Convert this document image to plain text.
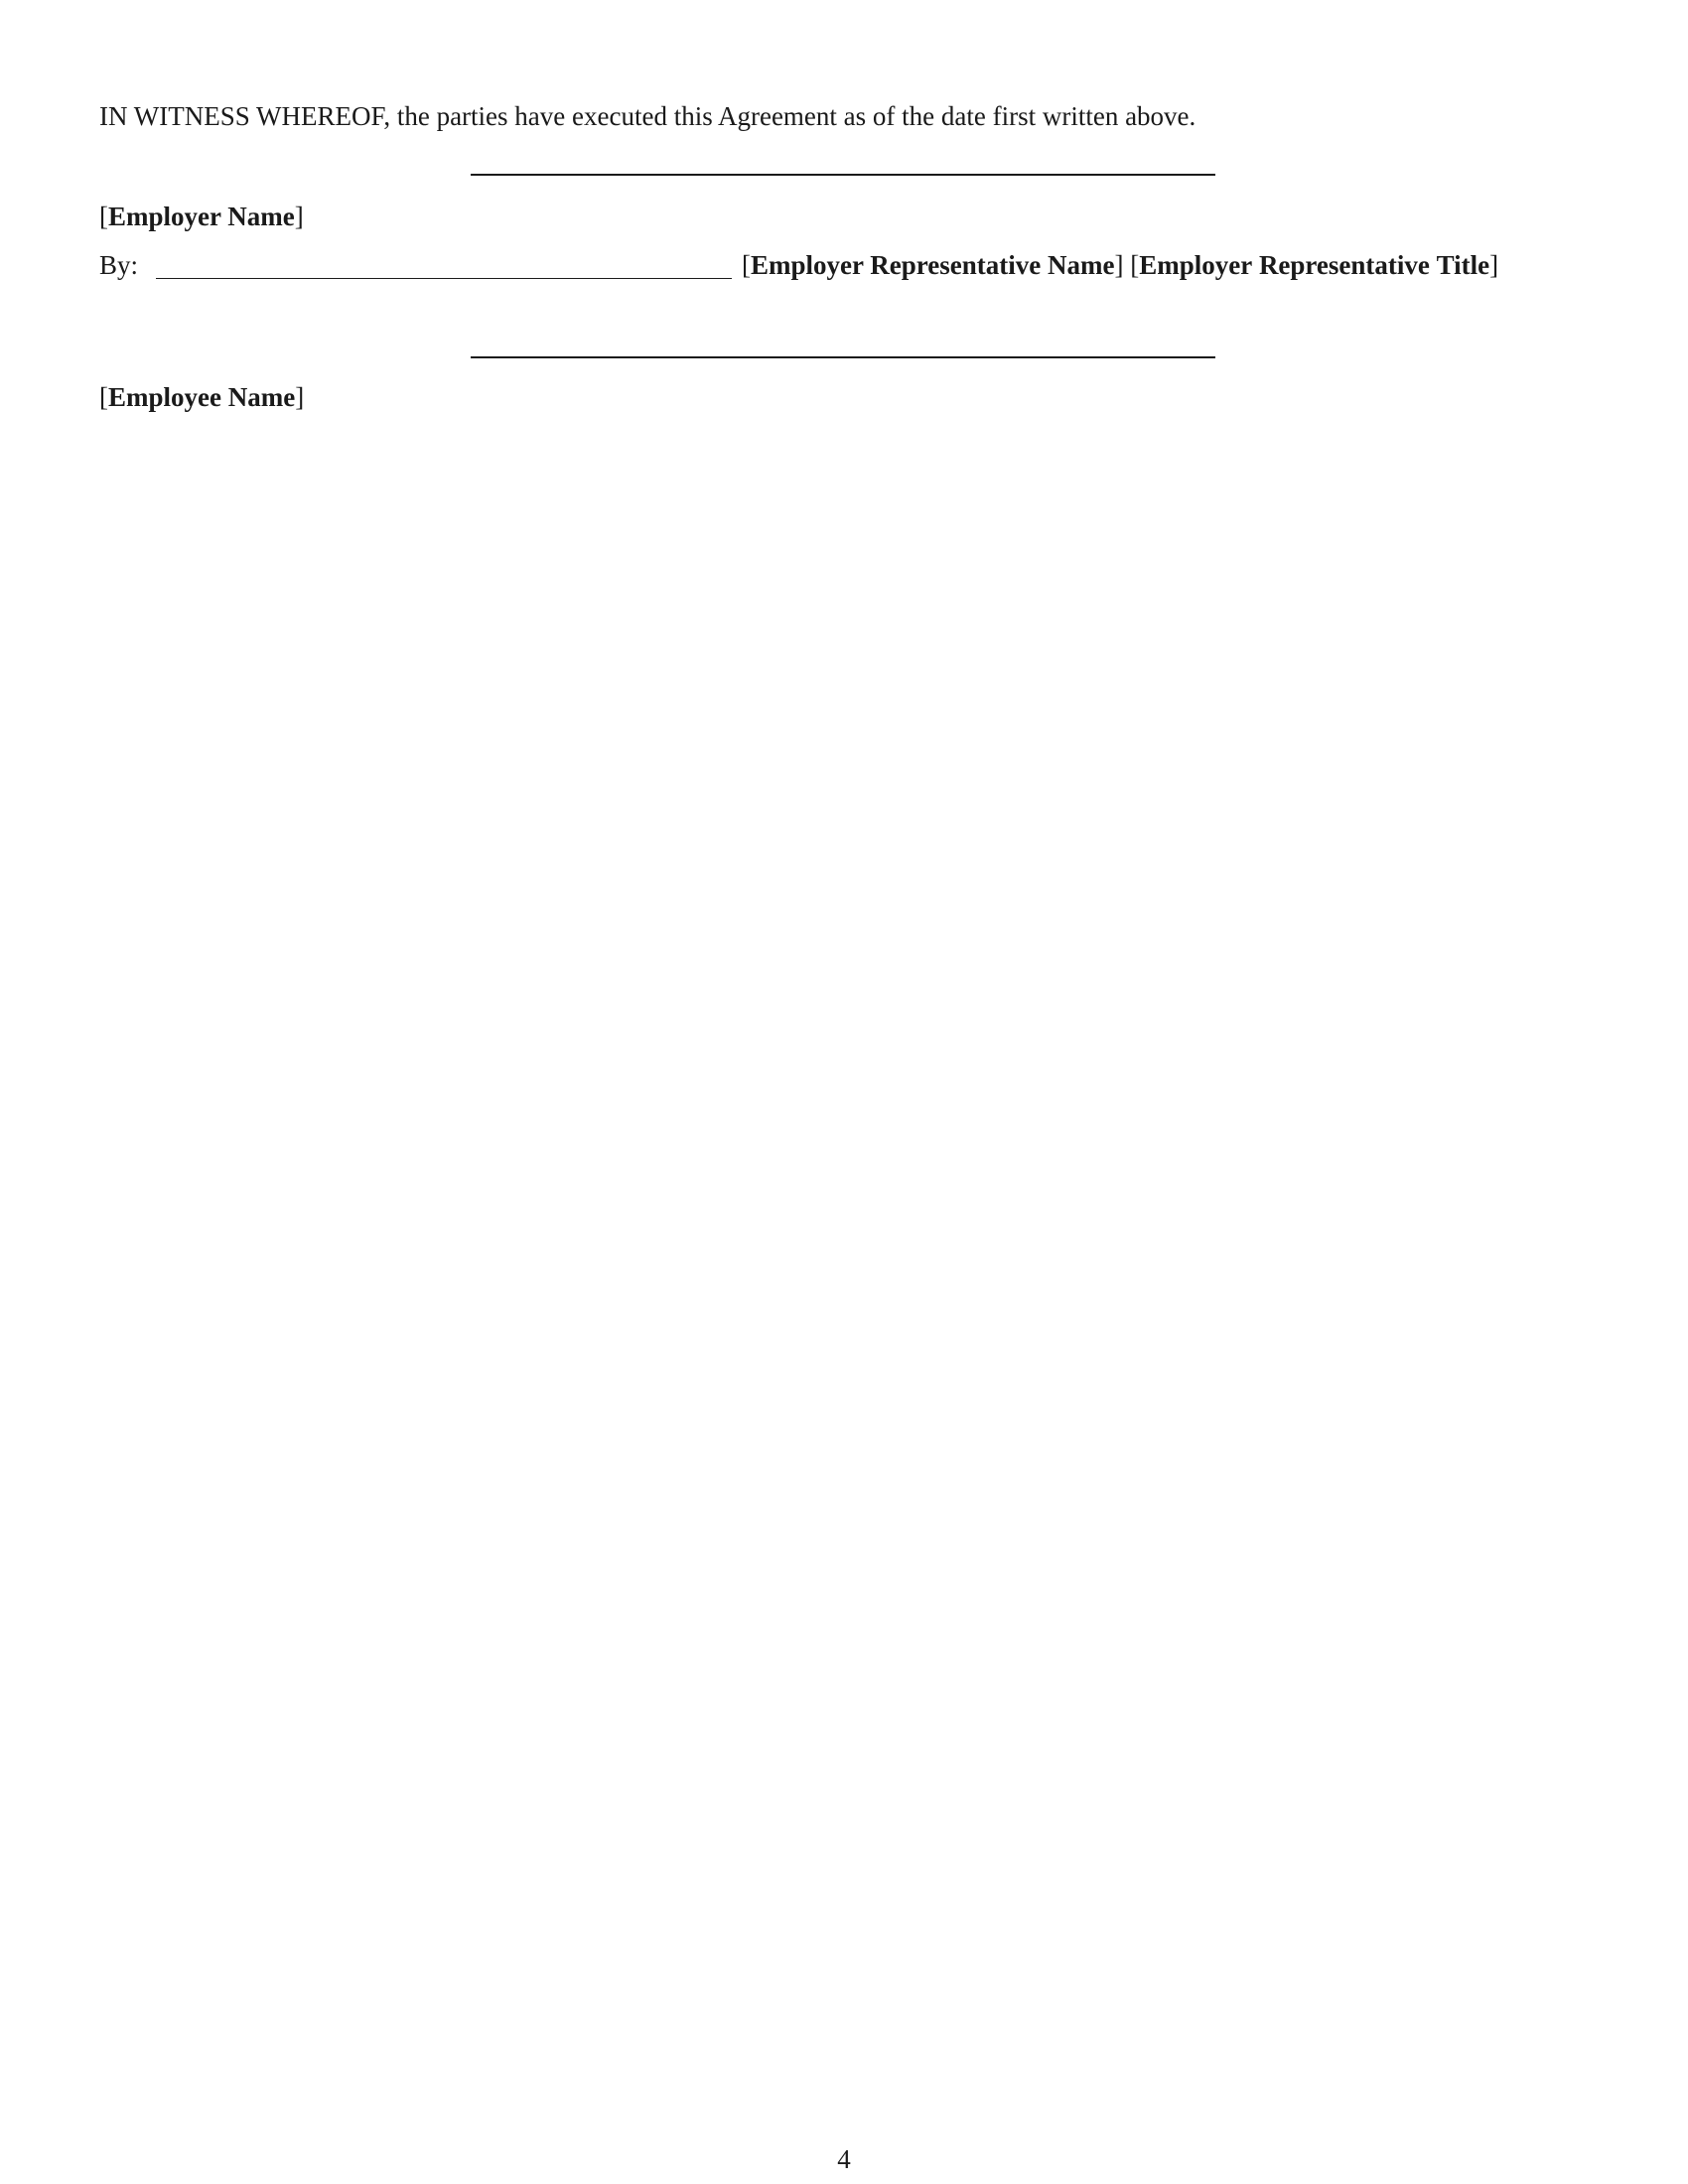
IN WITNESS WHEREOF, the parties have executed this Agreement as of the date first written above.

[Employer Name]

By:	[Employer Representative Name] [Employer Representative Title]

[Employee Name]

4
